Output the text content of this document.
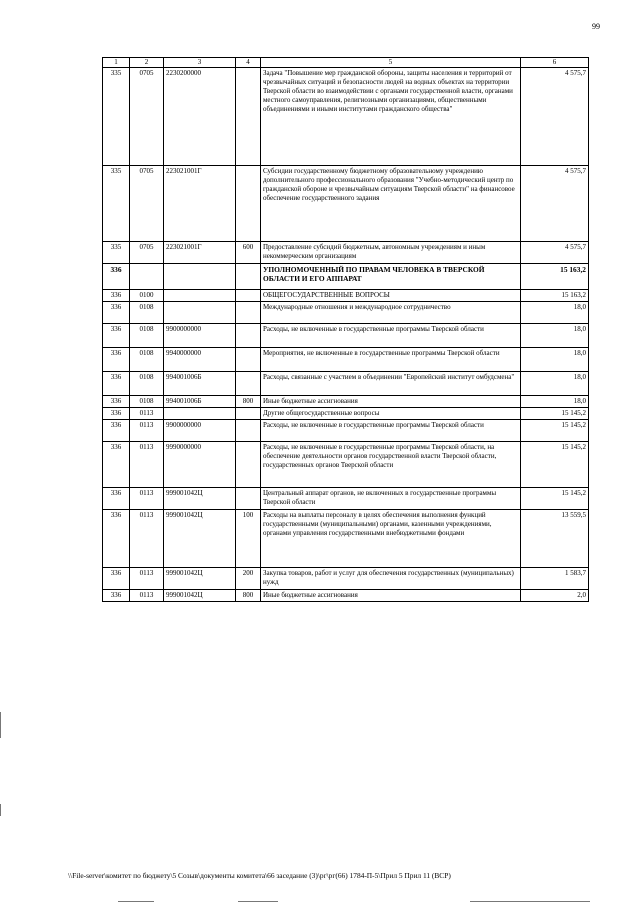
99
1	2	3	4	5	6
335	0705	2230200000		Задача "Повышение мер гражданской обороны, защиты населения и территорий от чрезвычайных ситуаций и безопасности людей на водных объектах на территории Тверской области во взаимодействии с органами государственной власти, органами местного самоуправления, религиозными организациями, общественными объединениями и иными институтами гражданского общества"	4 575,7
335	0705	223021001Г		Субсидии государственному бюджетному образовательному учреждению дополнительного профессионального образования "Учебно-методический центр по гражданской обороне и чрезвычайным ситуациям Тверской области" на финансовое обеспечение государственного задания	4 575,7
335	0705	223021001Г	600	Предоставление субсидий бюджетным, автономным учреждениям и иным некоммерческим организациям	4 575,7
336				УПОЛНОМОЧЕННЫЙ ПО ПРАВАМ ЧЕЛОВЕКА В ТВЕРСКОЙ ОБЛАСТИ И ЕГО АППАРАТ	15 163,2
336	0100			ОБЩЕГОСУДАРСТВЕННЫЕ ВОПРОСЫ	15 163,2
336	0108			Международные отношения и международное сотрудничество	18,0
336	0108	9900000000		Расходы, не включенные в государственные программы Тверской области	18,0
336	0108	9940000000		Мероприятия, не включенные в государственные программы Тверской области	18,0
336	0108	994001006Б		Расходы, связанные с участием в объединении "Европейский институт омбудсмена"	18,0
336	0108	994001006Б	800	Иные бюджетные ассигнования	18,0
336	0113			Другие общегосударственные вопросы	15 145,2
336	0113	9900000000		Расходы, не включенные в государственные программы Тверской области	15 145,2
336	0113	9990000000		Расходы, не включенные в государственные программы Тверской области, на обеспечение деятельности органов государственной власти Тверской области, государственных органов Тверской области	15 145,2
336	0113	999001042Ц		Центральный аппарат органов, не включенных в государственные программы Тверской области	15 145,2
336	0113	999001042Ц	100	Расходы на выплаты персоналу в целях обеспечения выполнения функций государственными (муниципальными) органами, казенными учреждениями, органами управления государственными внебюджетными фондами	13 559,5
336	0113	999001042Ц	200	Закупка товаров, работ и услуг для обеспечения государственных (муниципальных) нужд	1 583,7
336	0113	999001042Ц	800	Иные бюджетные ассигнования	2,0
\\File-server\комитет по бюджету\5 Созыв\документы комитета\66 заседание (3)\рг\рг(66) 1784-П-5\Прил 5 Прил 11 (ВСР)
